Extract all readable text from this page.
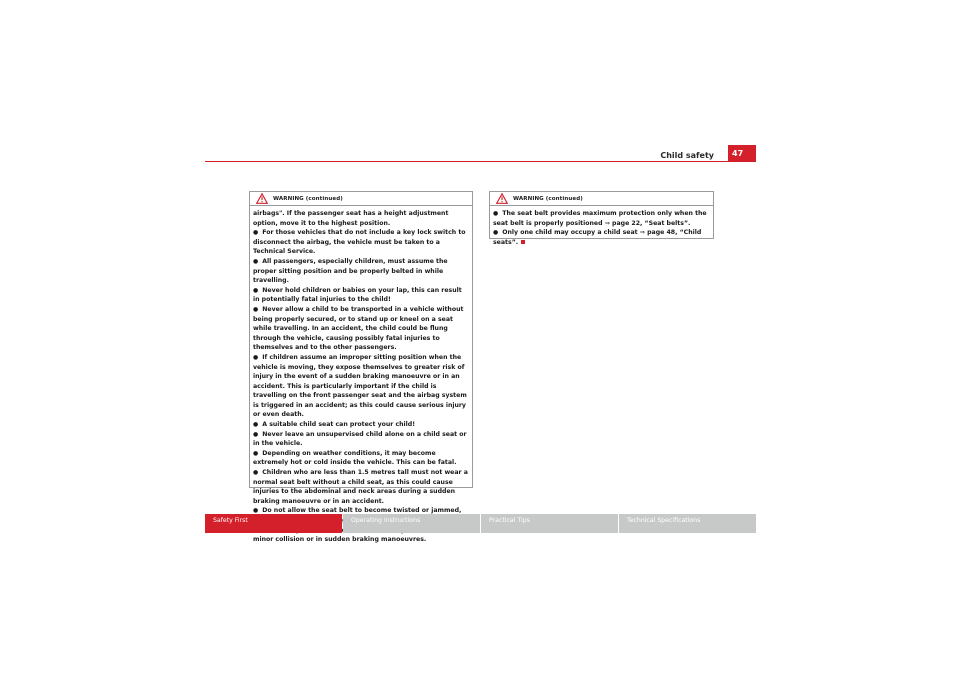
Child safety	47
WARNING (continued)

airbags". If the passenger seat has a height adjustment option, move it to the highest position.

● For those vehicles that do not include a key lock switch to disconnect the airbag, the vehicle must be taken to a Technical Service.

● All passengers, especially children, must assume the proper sitting position and be properly belted in while travelling.

● Never hold children or babies on your lap, this can result in potentially fatal injuries to the child!

● Never allow a child to be transported in a vehicle without being properly secured, or to stand up or kneel on a seat while travelling. In an accident, the child could be flung through the vehicle, causing possibly fatal injuries to themselves and to the other passengers.

● If children assume an improper sitting position when the vehicle is moving, they expose themselves to greater risk of injury in the event of a sudden braking manoeuvre or in an accident. This is particularly important if the child is travelling on the front passenger seat and the airbag system is triggered in an accident; as this could cause serious injury or even death.

● A suitable child seat can protect your child!

● Never leave an unsupervised child alone on a child seat or in the vehicle.

● Depending on weather conditions, it may become extremely hot or cold inside the vehicle. This can be fatal.

● Children who are less than 1.5 metres tall must not wear a normal seat belt without a child seat, as this could cause injuries to the abdominal and neck areas during a sudden braking manoeuvre or in an accident.

● Do not allow the seat belt to become twisted or jammed,

minor collision or in sudden braking manoeuvres.

WARNING (continued)

● The seat belt provides maximum protection only when the seat belt is properly positioned ⇒ page 22, “Seat belts”.

● Only one child may occupy a child seat ⇒ page 48, “Child seats”.

Safety First	Operating Instructions	Practical Tips	Technical Specifications
